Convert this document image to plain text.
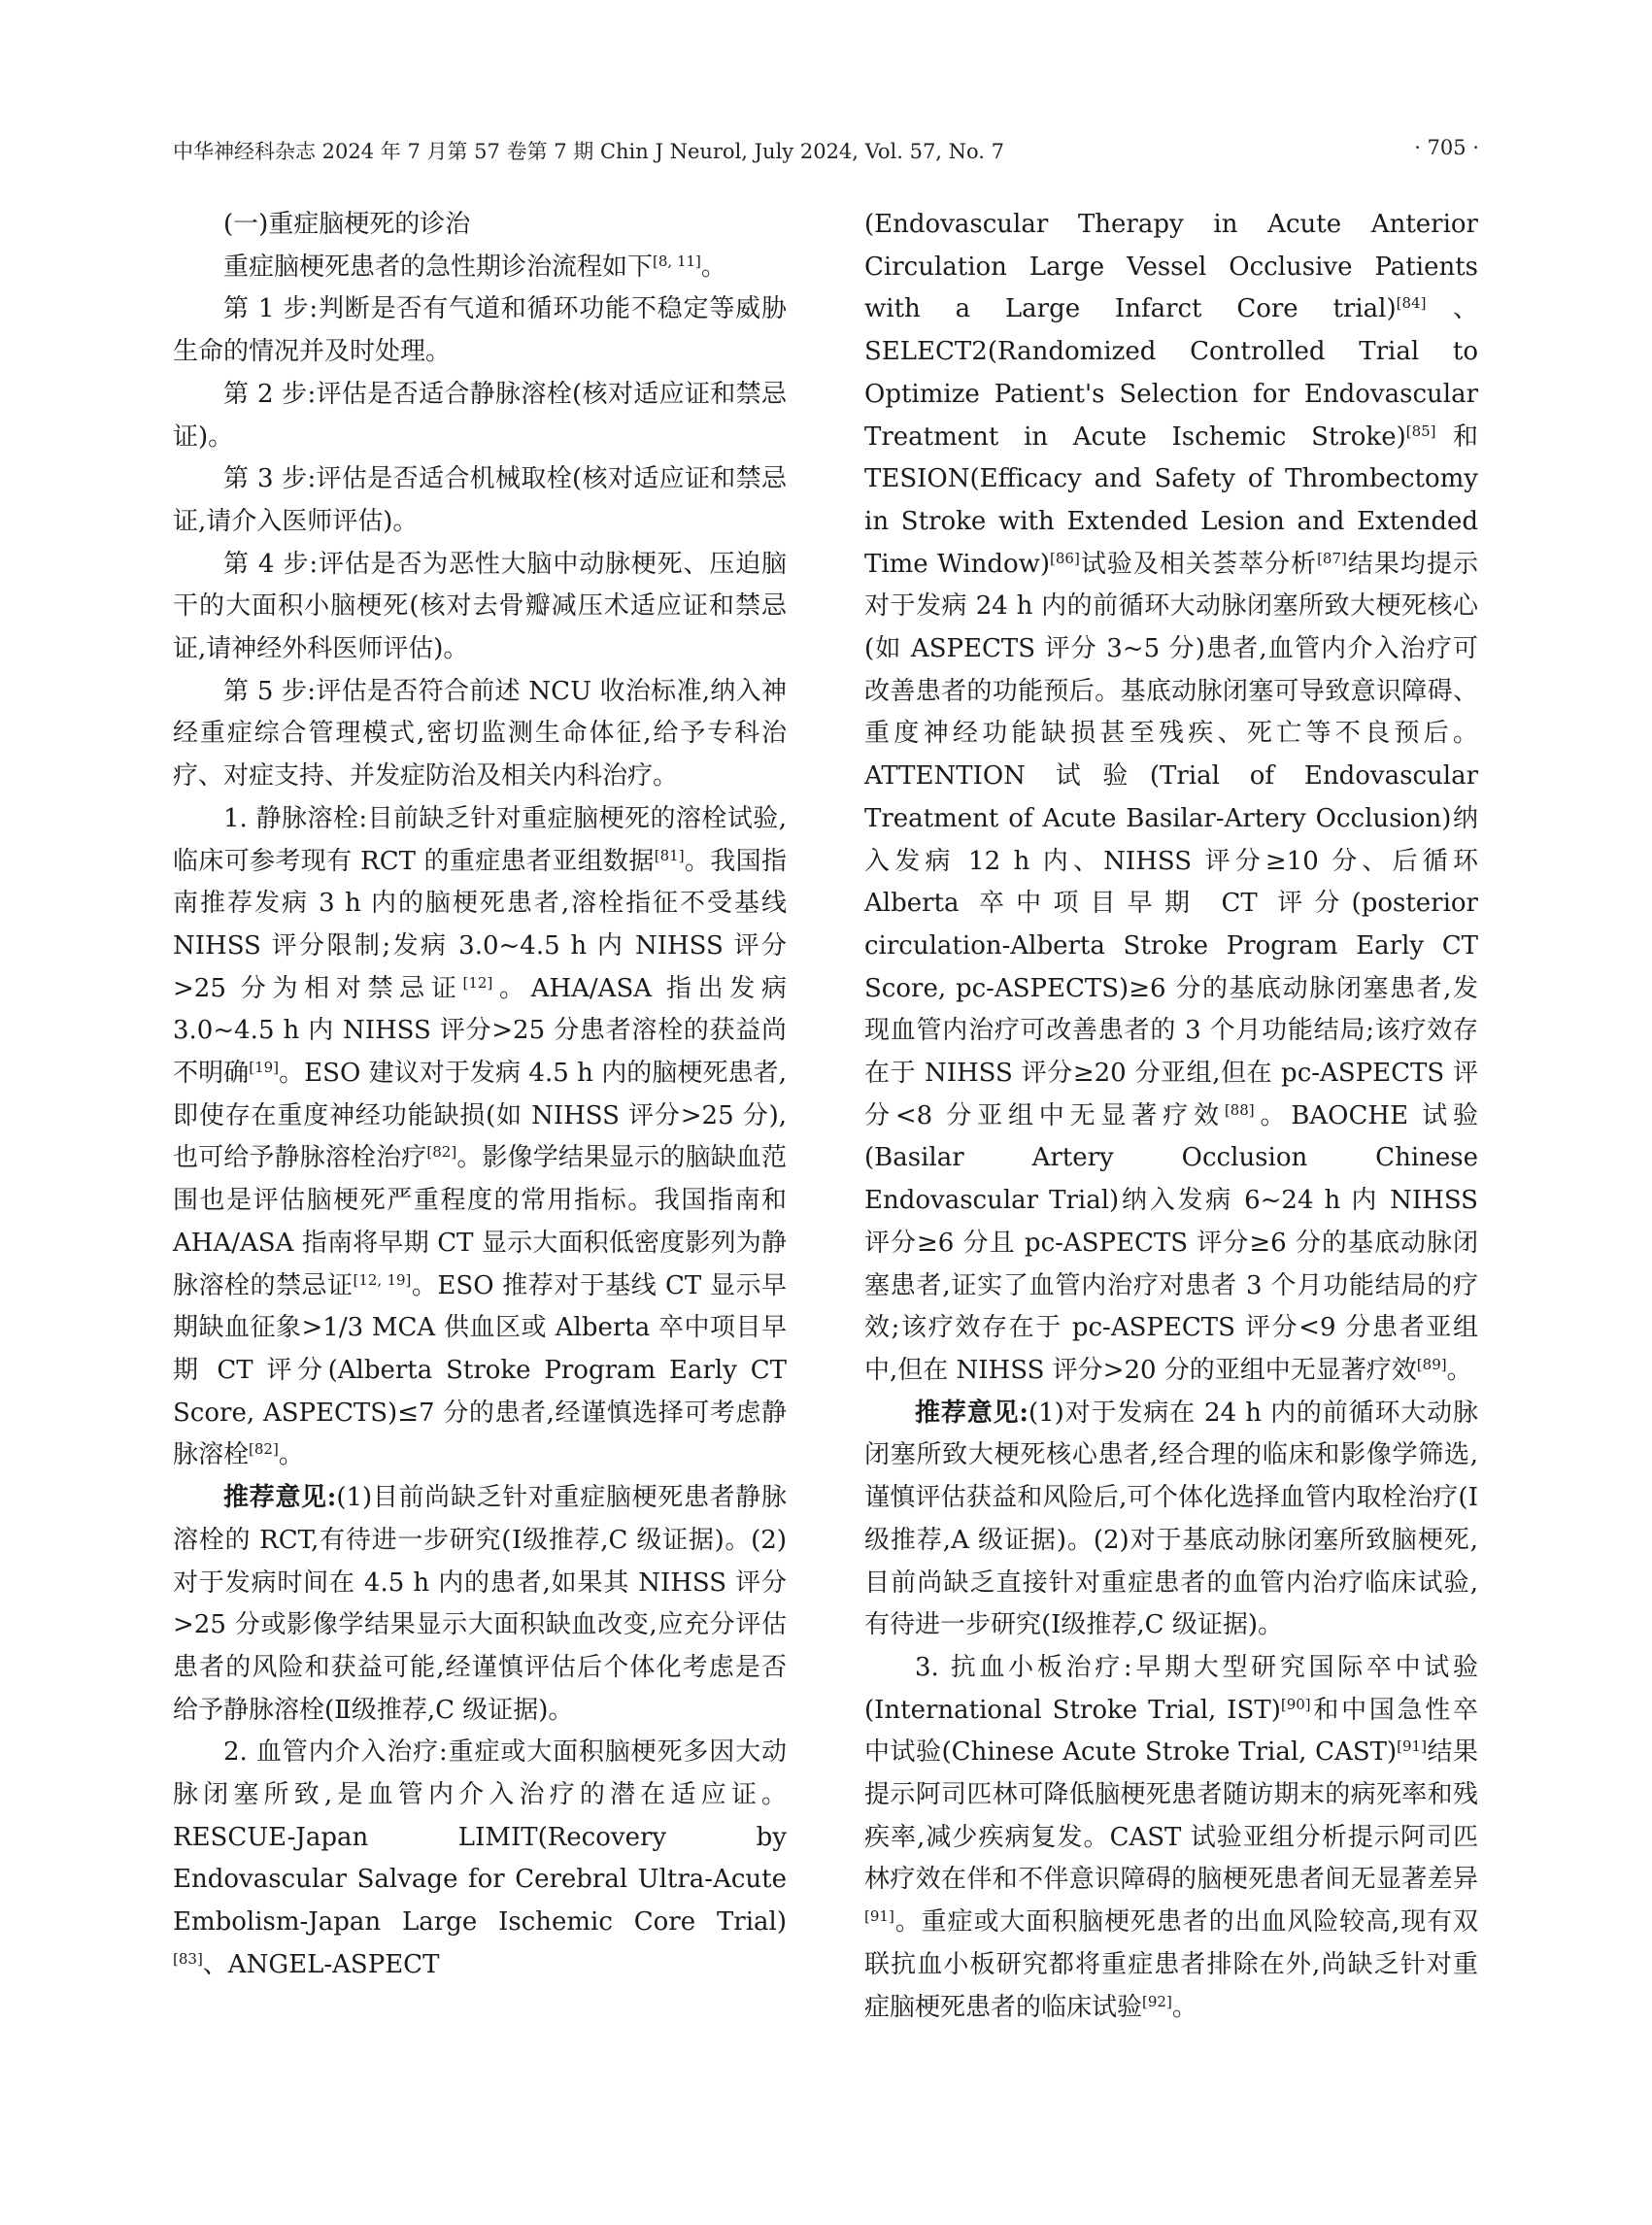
中华神经科杂志 2024 年 7 月第 57 卷第 7 期 Chin J Neurol, July 2024, Vol. 57, No. 7	· 705 ·

(一)重症脑梗死的诊治

重症脑梗死患者的急性期诊治流程如下[8, 11]。

第 1 步:判断是否有气道和循环功能不稳定等威胁生命的情况并及时处理。

第 2 步:评估是否适合静脉溶栓(核对适应证和禁忌证)。

第 3 步:评估是否适合机械取栓(核对适应证和禁忌证,请介入医师评估)。

第 4 步:评估是否为恶性大脑中动脉梗死、压迫脑干的大面积小脑梗死(核对去骨瓣减压术适应证和禁忌证,请神经外科医师评估)。

第 5 步:评估是否符合前述 NCU 收治标准,纳入神经重症综合管理模式,密切监测生命体征,给予专科治疗、对症支持、并发症防治及相关内科治疗。

1. 静脉溶栓:目前缺乏针对重症脑梗死的溶栓试验,临床可参考现有 RCT 的重症患者亚组数据[81]。我国指南推荐发病 3 h 内的脑梗死患者,溶栓指征不受基线 NIHSS 评分限制;发病 3.0~4.5 h 内 NIHSS 评分>25 分为相对禁忌证[12]。AHA/ASA 指出发病 3.0~4.5 h 内 NIHSS 评分>25 分患者溶栓的获益尚不明确[19]。ESO 建议对于发病 4.5 h 内的脑梗死患者,即使存在重度神经功能缺损(如 NIHSS 评分>25 分),也可给予静脉溶栓治疗[82]。影像学结果显示的脑缺血范围也是评估脑梗死严重程度的常用指标。我国指南和 AHA/ASA 指南将早期 CT 显示大面积低密度影列为静脉溶栓的禁忌证[12, 19]。ESO 推荐对于基线 CT 显示早期缺血征象>1/3 MCA 供血区或 Alberta 卒中项目早期 CT 评分(Alberta Stroke Program Early CT Score, ASPECTS)≤7 分的患者,经谨慎选择可考虑静脉溶栓[82]。

推荐意见:(1)目前尚缺乏针对重症脑梗死患者静脉溶栓的 RCT,有待进一步研究(Ⅰ级推荐,C 级证据)。(2)对于发病时间在 4.5 h 内的患者,如果其 NIHSS 评分>25 分或影像学结果显示大面积缺血改变,应充分评估患者的风险和获益可能,经谨慎评估后个体化考虑是否给予静脉溶栓(Ⅱ级推荐,C 级证据)。

2. 血管内介入治疗:重症或大面积脑梗死多因大动脉闭塞所致,是血管内介入治疗的潜在适应证。RESCUE-Japan LIMIT(Recovery by Endovascular Salvage for Cerebral Ultra-Acute Embolism-Japan Large Ischemic Core Trial)[83]、ANGEL-ASPECT

(Endovascular Therapy in Acute Anterior Circulation Large Vessel Occlusive Patients with a Large Infarct Core trial)[84]、SELECT2(Randomized Controlled Trial to Optimize Patient's Selection for Endovascular Treatment in Acute Ischemic Stroke)[85]和 TESION(Efficacy and Safety of Thrombectomy in Stroke with Extended Lesion and Extended Time Window)[86]试验及相关荟萃分析[87]结果均提示对于发病 24 h 内的前循环大动脉闭塞所致大梗死核心(如 ASPECTS 评分 3~5 分)患者,血管内介入治疗可改善患者的功能预后。基底动脉闭塞可导致意识障碍、重度神经功能缺损甚至残疾、死亡等不良预后。ATTENTION 试验(Trial of Endovascular Treatment of Acute Basilar-Artery Occlusion)纳入发病 12 h 内、NIHSS 评分≥10 分、后循环 Alberta 卒中项目早期 CT 评分(posterior circulation-Alberta Stroke Program Early CT Score, pc-ASPECTS)≥6 分的基底动脉闭塞患者,发现血管内治疗可改善患者的 3 个月功能结局;该疗效存在于 NIHSS 评分≥20 分亚组,但在 pc-ASPECTS 评分<8 分亚组中无显著疗效[88]。BAOCHE 试验(Basilar Artery Occlusion Chinese Endovascular Trial)纳入发病 6~24 h 内 NIHSS 评分≥6 分且 pc-ASPECTS 评分≥6 分的基底动脉闭塞患者,证实了血管内治疗对患者 3 个月功能结局的疗效;该疗效存在于 pc-ASPECTS 评分<9 分患者亚组中,但在 NIHSS 评分>20 分的亚组中无显著疗效[89]。

推荐意见:(1)对于发病在 24 h 内的前循环大动脉闭塞所致大梗死核心患者,经合理的临床和影像学筛选,谨慎评估获益和风险后,可个体化选择血管内取栓治疗(Ⅰ级推荐,A 级证据)。(2)对于基底动脉闭塞所致脑梗死,目前尚缺乏直接针对重症患者的血管内治疗临床试验,有待进一步研究(Ⅰ级推荐,C 级证据)。

3. 抗血小板治疗:早期大型研究国际卒中试验(International Stroke Trial, IST)[90]和中国急性卒中试验(Chinese Acute Stroke Trial, CAST)[91]结果提示阿司匹林可降低脑梗死患者随访期末的病死率和残疾率,减少疾病复发。CAST 试验亚组分析提示阿司匹林疗效在伴和不伴意识障碍的脑梗死患者间无显著差异[91]。重症或大面积脑梗死患者的出血风险较高,现有双联抗血小板研究都将重症患者排除在外,尚缺乏针对重症脑梗死患者的临床试验[92]。
